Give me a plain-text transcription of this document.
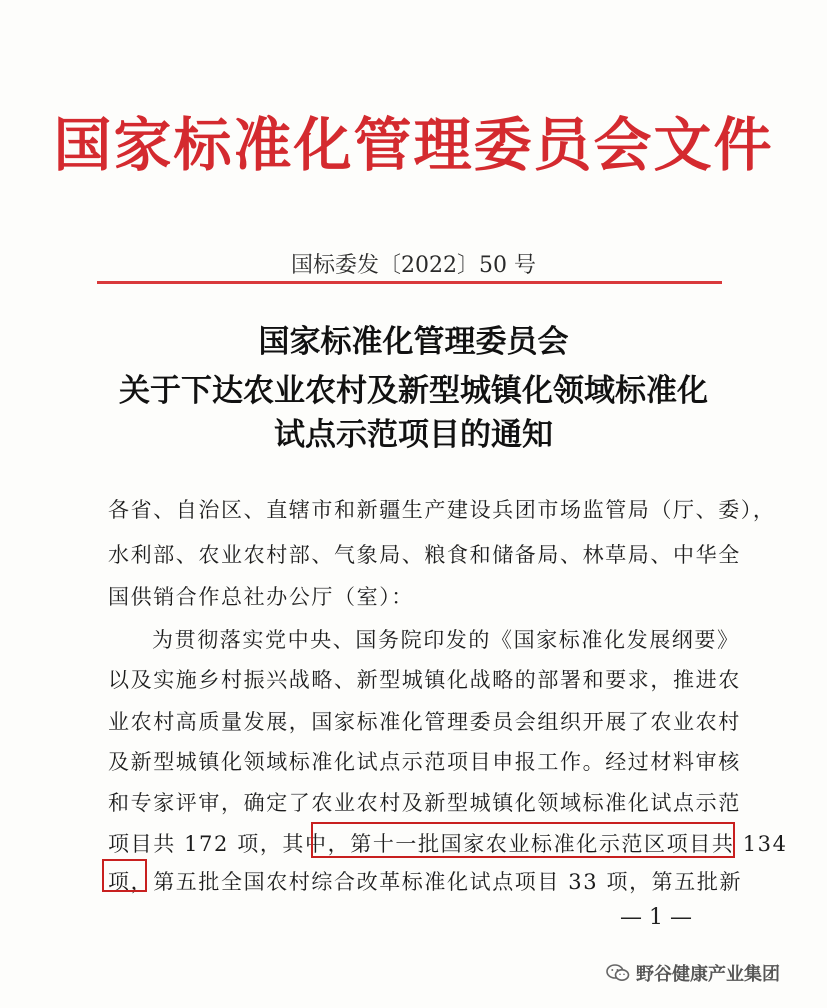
国家标准化管理委员会文件
国标委发〔2022〕50 号
国家标准化管理委员会
关于下达农业农村及新型城镇化领域标准化
试点示范项目的通知
各省、自治区、直辖市和新疆生产建设兵团市场监管局（厅、委），
水利部、农业农村部、气象局、粮食和储备局、林草局、中华全
国供销合作总社办公厅（室）：
为贯彻落实党中央、国务院印发的《国家标准化发展纲要》
以及实施乡村振兴战略、新型城镇化战略的部署和要求，推进农
业农村高质量发展，国家标准化管理委员会组织开展了农业农村
及新型城镇化领域标准化试点示范项目申报工作。经过材料审核
和专家评审，确定了农业农村及新型城镇化领域标准化试点示范
项目共 172 项，其中，第十一批国家农业标准化示范区项目共 134
项，第五批全国农村综合改革标准化试点项目 33 项，第五批新
— 1 —
野谷健康产业集团
